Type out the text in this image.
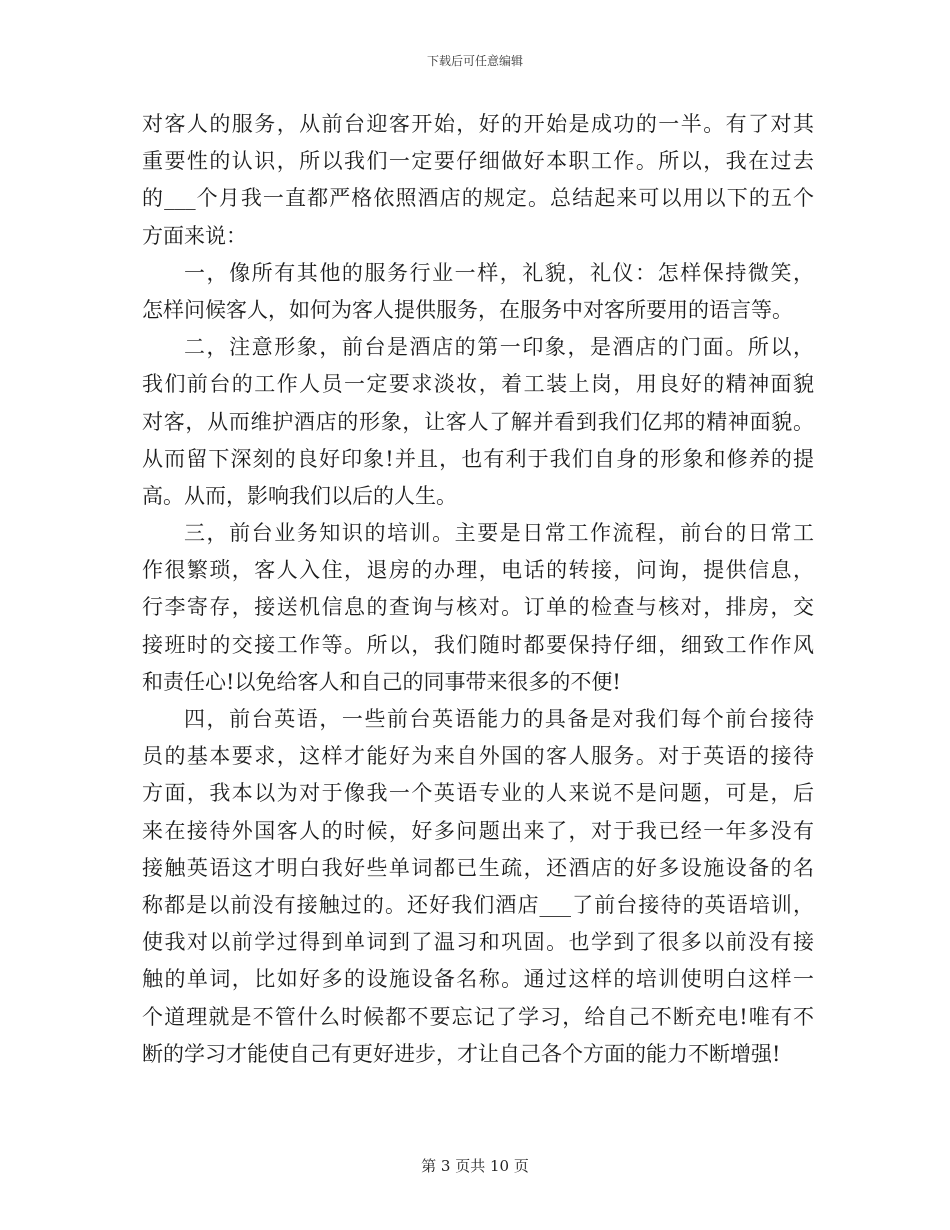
下载后可任意编辑
对客人的服务，从前台迎客开始，好的开始是成功的一半。有了对其
重要性的认识，所以我们一定要仔细做好本职工作。所以，我在过去
的___个月我一直都严格依照酒店的规定。总结起来可以用以下的五个
方面来说：
一，像所有其他的服务行业一样，礼貌，礼仪：怎样保持微笑，
怎样问候客人，如何为客人提供服务，在服务中对客所要用的语言等。
二，注意形象，前台是酒店的第一印象，是酒店的门面。所以，
我们前台的工作人员一定要求淡妆，着工装上岗，用良好的精神面貌
对客，从而维护酒店的形象，让客人了解并看到我们亿邦的精神面貌。
从而留下深刻的良好印象!并且，也有利于我们自身的形象和修养的提
高。从而，影响我们以后的人生。
三，前台业务知识的培训。主要是日常工作流程，前台的日常工
作很繁琐，客人入住，退房的办理，电话的转接，问询，提供信息，
行李寄存，接送机信息的查询与核对。订单的检查与核对，排房，交
接班时的交接工作等。所以，我们随时都要保持仔细，细致工作作风
和责任心!以免给客人和自己的同事带来很多的不便!
四，前台英语，一些前台英语能力的具备是对我们每个前台接待
员的基本要求，这样才能好为来自外国的客人服务。对于英语的接待
方面，我本以为对于像我一个英语专业的人来说不是问题，可是，后
来在接待外国客人的时候，好多问题出来了，对于我已经一年多没有
接触英语这才明白我好些单词都已生疏，还酒店的好多设施设备的名
称都是以前没有接触过的。还好我们酒店___了前台接待的英语培训，
使我对以前学过得到单词到了温习和巩固。也学到了很多以前没有接
触的单词，比如好多的设施设备名称。通过这样的培训使明白这样一
个道理就是不管什么时候都不要忘记了学习，给自己不断充电!唯有不
断的学习才能使自己有更好进步，才让自己各个方面的能力不断增强!
第 3 页共 10 页
